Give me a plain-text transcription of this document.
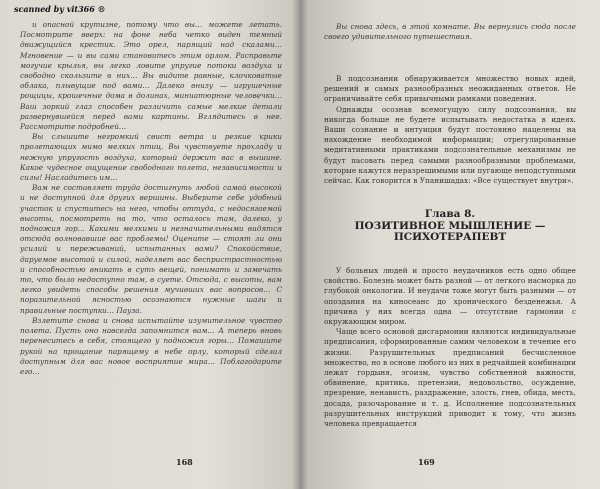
scanned by vit366 ®

и опасной крутизне, потому что вы… можете летать. Посмотрите вверх: на фоне неба четко виден темный движущийся крестик. Это орел, парящий над скалами… Мгновение — и вы сами становитесь этим орлом. Расправьте могучие крылья, вы легко ловите упругие потоки воздуха и свободно скользите в них… Вы видите равные, клочковатые облака, плывущие под вами… Далеко внизу — игрушечные рощицы, крошечные дома в долинах, миниатюрные человечки… Ваш зоркий глаз способен различить самые мелкие детали развернувшейся перед вами картины. Вглядитесь в нее. Рассмотрите подробней…

Вы слышите негромкий свист ветра и резкие крики пролетающих мимо мелких птиц. Вы чувствуете прохладу и нежную упругость воздуха, который держит вас в вышине. Какое чудесное ощущение свободного полета, независимости и силы! Насладитесь им…

Вам не составляет труда достигнуть любой самой высокой и не доступной для других вершины. Выберите себе удобный участок и спуститесь на него, чтобы оттуда, с недосягаемой высоты, посмотреть на то, что осталось там, далеко, у подножия гор… Какими мелкими и незначительными видятся отсюда волновавшие вас проблемы! Оцените — стоят ли они усилий и переживаний, испытанных вами? Спокойствие, даруемое высотой и силой, наделяет вас беспристрастностью и способностью вникать в суть вещей, понимать и замечать то, что было недоступно там, в суете. Отсюда, с высоты, вам легко увидеть способы решения мучивших вас вопросов… С поразительной ясностью осознаются нужные шаги и правильные поступки… Пауза.

Взлетите снова и снова испытайте изумительное чувство полета. Пусть оно навсегда запомнится вам… А теперь вновь перенеситесь в себя, стоящего у подножия горы… Помашите рукой на прощание парящему в небе орлу, который сделал доступным для вас новое восприятие мира… Поблагодарите его…

168

Вы снова здесь, в этой комнате. Вы вернулись сюда после своего удивительного путешествия.

В подсознании обнаруживается множество новых идей, решений и самых разнообразных неожиданных ответов. Не ограничивайте себя привычными рамками поведения.

Однажды осознав всемогущую силу подсознания, вы никогда больше не будете испытывать недостатка в идеях. Ваши сознание и интуиция будут постоянно нацелены на нахождение необходимой информации; отрегулированные медитативными практиками подсознательные механизмы не будут пасовать перед самыми разнообразными проблемами, которые кажутся неразрешимыми или пугающе неподступными сейчас. Как говорится в Упанишадах: «Все существует внутри».

Глава 8.
ПОЗИТИВНОЕ МЫШЛЕНИЕ —
ПСИХОТЕРАПЕВТ

У больных людей и просто неудачников есть одно общее свойство. Болезнь может быть разной — от легкого насморка до глубокой онкологии. И неудачи тоже могут быть разными — от опоздания на киносеанс до хронического безденежья. А причина у них всегда одна — отсутствие гармонии с окружающим миром.

Чаще всего основой дисгармонии являются индивидуальные предписания, сформированные самим человеком в течение его жизни. Разрушительных предписаний бесчисленное множество, но в основе любого из них в редчайшей комбинации лежат гордыня, эгоизм, чувство собственной важности, обвинение, критика, претензии, недовольство, осуждение, презрение, ненависть, раздражение, злость, гнев, обида, месть, досада, разочарование и т. д. Исполнение подсознательных разрушительных инструкций приводит к тому, что жизнь человека превращается

169
